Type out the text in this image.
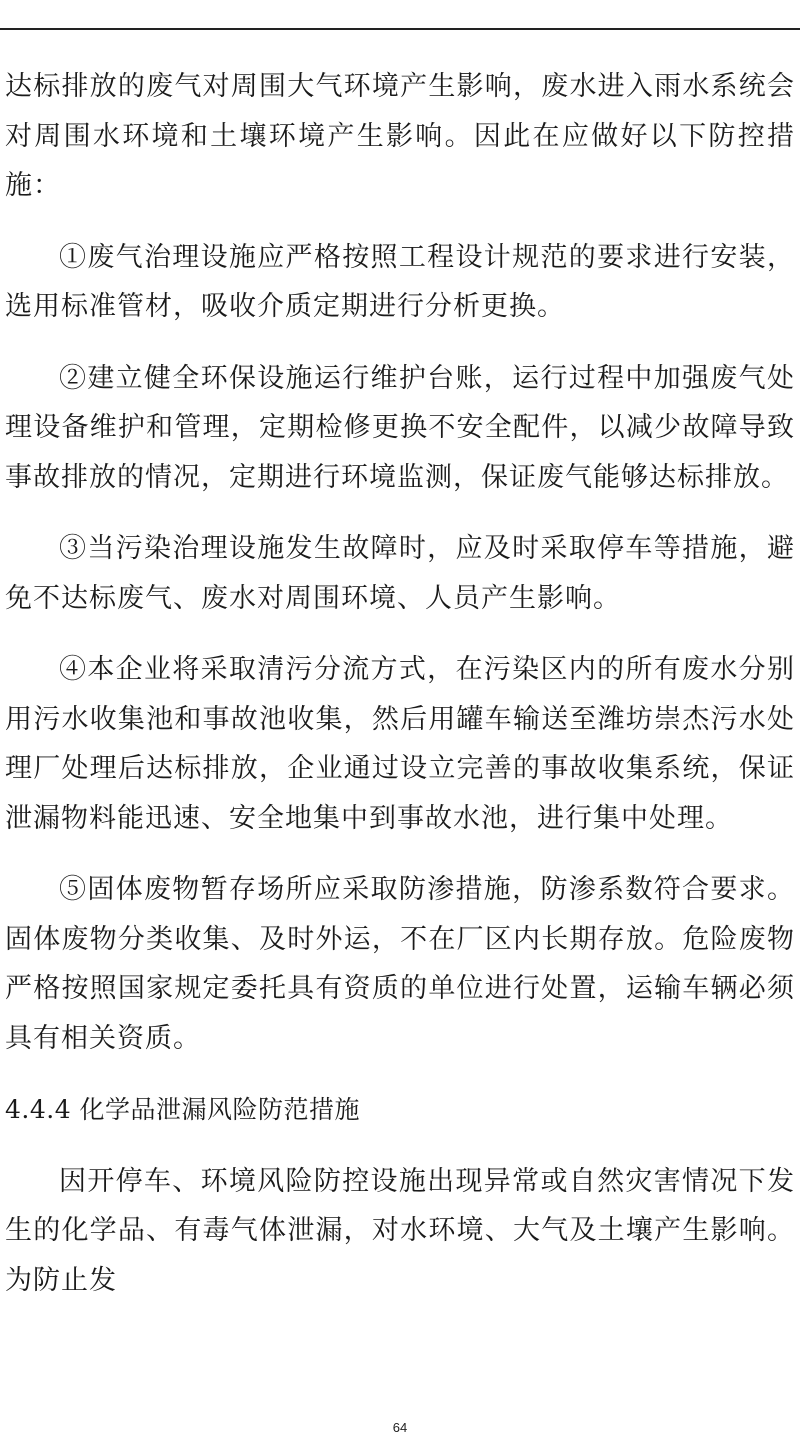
达标排放的废气对周围大气环境产生影响，废水进入雨水系统会对周围水环境和土壤环境产生影响。因此在应做好以下防控措施：

①废气治理设施应严格按照工程设计规范的要求进行安装，选用标准管材，吸收介质定期进行分析更换。

②建立健全环保设施运行维护台账，运行过程中加强废气处理设备维护和管理，定期检修更换不安全配件，以减少故障导致事故排放的情况，定期进行环境监测，保证废气能够达标排放。

③当污染治理设施发生故障时，应及时采取停车等措施，避免不达标废气、废水对周围环境、人员产生影响。

④本企业将采取清污分流方式，在污染区内的所有废水分别用污水收集池和事故池收集，然后用罐车输送至潍坊崇杰污水处理厂处理后达标排放，企业通过设立完善的事故收集系统，保证泄漏物料能迅速、安全地集中到事故水池，进行集中处理。

⑤固体废物暂存场所应采取防渗措施，防渗系数符合要求。固体废物分类收集、及时外运，不在厂区内长期存放。危险废物严格按照国家规定委托具有资质的单位进行处置，运输车辆必须具有相关资质。

4.4.4 化学品泄漏风险防范措施

因开停车、环境风险防控设施出现异常或自然灾害情况下发生的化学品、有毒气体泄漏，对水环境、大气及土壤产生影响。为防止发

64
